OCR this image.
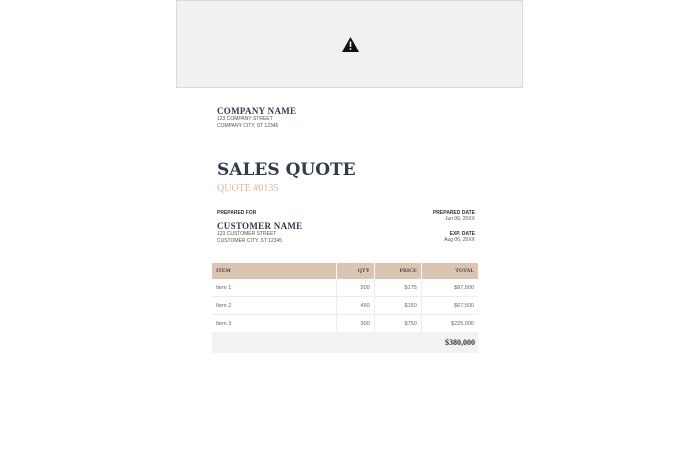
COMPANY NAME
123 COMPANY STREET
COMPANY CITY, ST 12345
SALES QUOTE
QUOTE #0135
PREPARED FOR
CUSTOMER NAME
123 CUSTOMER STREET
CUSTOMER CITY, ST 12345
PREPARED DATE
Jun 06, 20XX
EXP. DATE
Aug 06, 20XX
ITEM	QTY	PRICE	TOTAL
Item 1	500	$175	$87,500
Item 2	450	$150	$67,500
Item 3	300	$750	$225,000
$380,000
